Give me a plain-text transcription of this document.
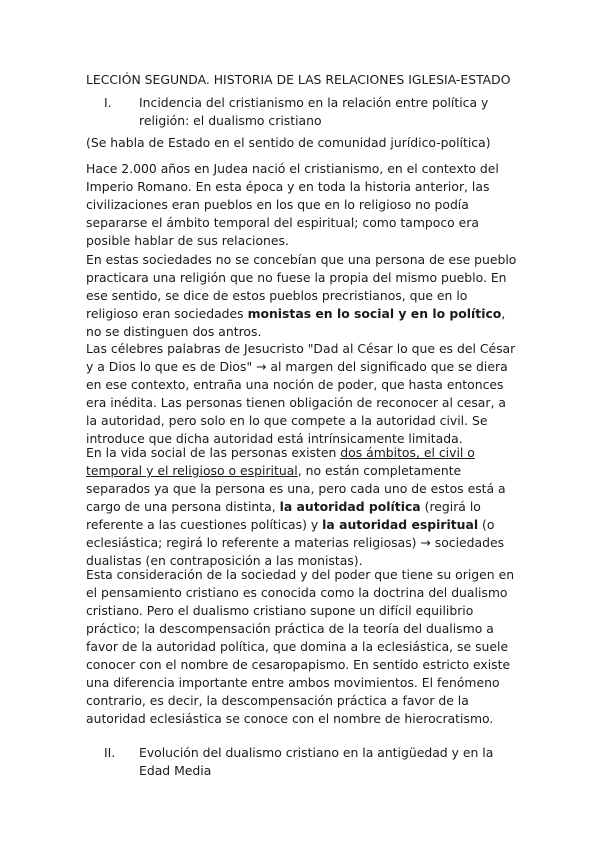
LECCIÓN SEGUNDA. HISTORIA DE LAS RELACIONES IGLESIA-ESTADO
I. Incidencia del cristianismo en la relación entre política y religión: el dualismo cristiano

(Se habla de Estado en el sentido de comunidad jurídico-política)

Hace 2.000 años en Judea nació el cristianismo, en el contexto del Imperio Romano. En esta época y en toda la historia anterior, las civilizaciones eran pueblos en los que en lo religioso no podía separarse el ámbito temporal del espiritual; como tampoco era posible hablar de sus relaciones.

En estas sociedades no se concebían que una persona de ese pueblo practicara una religión que no fuese la propia del mismo pueblo. En ese sentido, se dice de estos pueblos precristianos, que en lo religioso eran sociedades monistas en lo social y en lo político, no se distinguen dos antros.

Las célebres palabras de Jesucristo "Dad al César lo que es del César y a Dios lo que es de Dios" → al margen del significado que se diera en ese contexto, entraña una noción de poder, que hasta entonces era inédita. Las personas tienen obligación de reconocer al cesar, a la autoridad, pero solo en lo que compete a la autoridad civil. Se introduce que dicha autoridad está intrínsicamente limitada.

En la vida social de las personas existen dos ámbitos, el civil o temporal y el religioso o espiritual, no están completamente separados ya que la persona es una, pero cada uno de estos está a cargo de una persona distinta, la autoridad política (regirá lo referente a las cuestiones políticas) y la autoridad espiritual (o eclesiástica; regirá lo referente a materias religiosas) → sociedades dualistas (en contraposición a las monistas).

Esta consideración de la sociedad y del poder que tiene su origen en el pensamiento cristiano es conocida como la doctrina del dualismo cristiano. Pero el dualismo cristiano supone un difícil equilibrio práctico; la descompensación práctica de la teoría del dualismo a favor de la autoridad política, que domina a la eclesiástica, se suele conocer con el nombre de cesaropapismo. En sentido estricto existe una diferencia importante entre ambos movimientos. El fenómeno contrario, es decir, la descompensación práctica a favor de la autoridad eclesiástica se conoce con el nombre de hierocratismo.

II. Evolución del dualismo cristiano en la antigüedad y en la Edad Media
